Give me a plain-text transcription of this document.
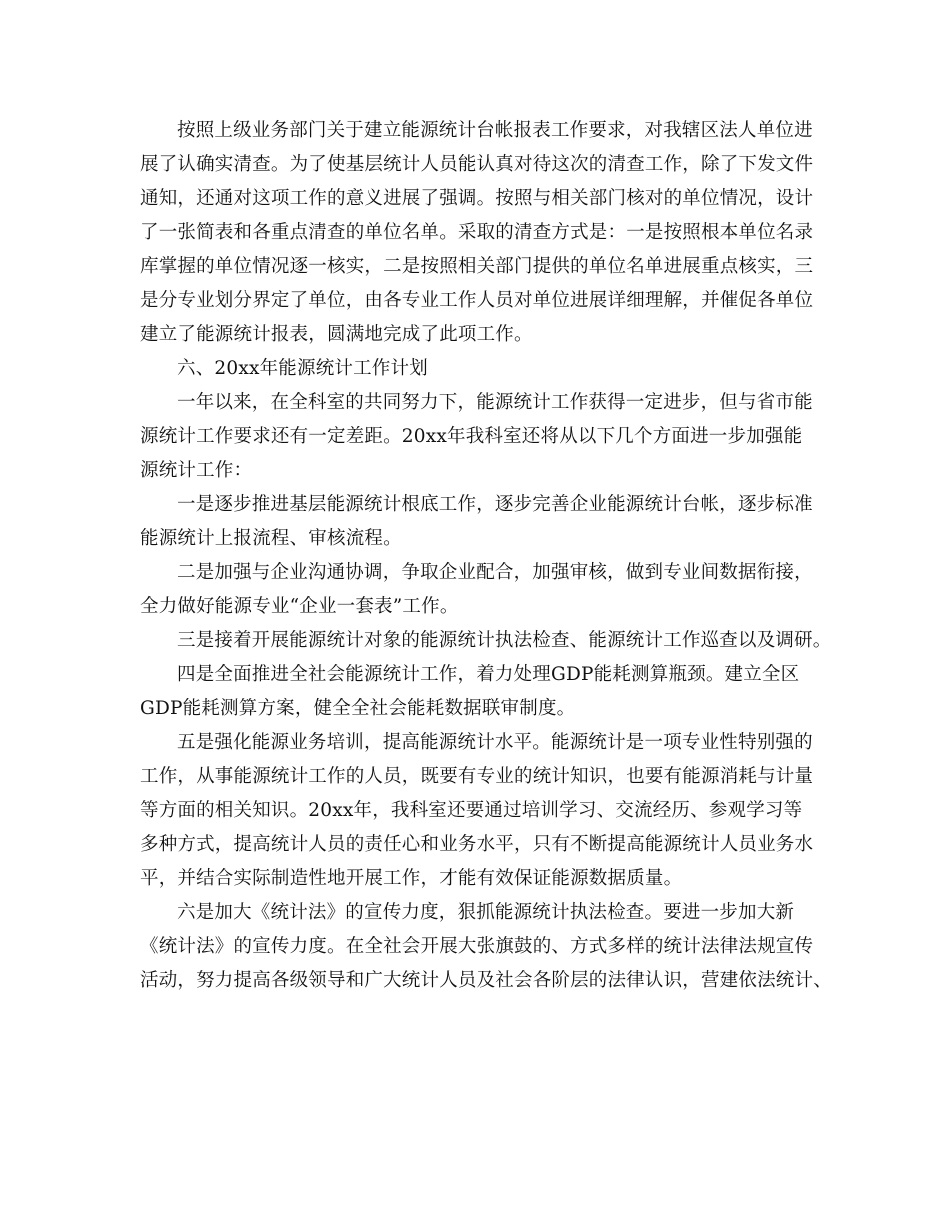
按照上级业务部门关于建立能源统计台帐报表工作要求，对我辖区法人单位进
展了认确实清查。为了使基层统计人员能认真对待这次的清查工作，除了下发文件
通知，还通对这项工作的意义进展了强调。按照与相关部门核对的单位情况，设计
了一张简表和各重点清查的单位名单。采取的清查方式是：一是按照根本单位名录
库掌握的单位情况逐一核实，二是按照相关部门提供的单位名单进展重点核实，三
是分专业划分界定了单位，由各专业工作人员对单位进展详细理解，并催促各单位
建立了能源统计报表，圆满地完成了此项工作。
六、20xx年能源统计工作计划
一年以来，在全科室的共同努力下，能源统计工作获得一定进步，但与省市能
源统计工作要求还有一定差距。20xx年我科室还将从以下几个方面进一步加强能
源统计工作：
一是逐步推进基层能源统计根底工作，逐步完善企业能源统计台帐，逐步标准
能源统计上报流程、审核流程。
二是加强与企业沟通协调，争取企业配合，加强审核，做到专业间数据衔接，
全力做好能源专业“企业一套表”工作。
三是接着开展能源统计对象的能源统计执法检查、能源统计工作巡查以及调研。
四是全面推进全社会能源统计工作，着力处理GDP能耗测算瓶颈。建立全区
GDP能耗测算方案，健全全社会能耗数据联审制度。
五是强化能源业务培训，提高能源统计水平。能源统计是一项专业性特别强的
工作，从事能源统计工作的人员，既要有专业的统计知识，也要有能源消耗与计量
等方面的相关知识。20xx年，我科室还要通过培训学习、交流经历、参观学习等
多种方式，提高统计人员的责任心和业务水平，只有不断提高能源统计人员业务水
平，并结合实际制造性地开展工作，才能有效保证能源数据质量。
六是加大《统计法》的宣传力度，狠抓能源统计执法检查。要进一步加大新
《统计法》的宣传力度。在全社会开展大张旗鼓的、方式多样的统计法律法规宣传
活动，努力提高各级领导和广大统计人员及社会各阶层的法律认识，营建依法统计、
